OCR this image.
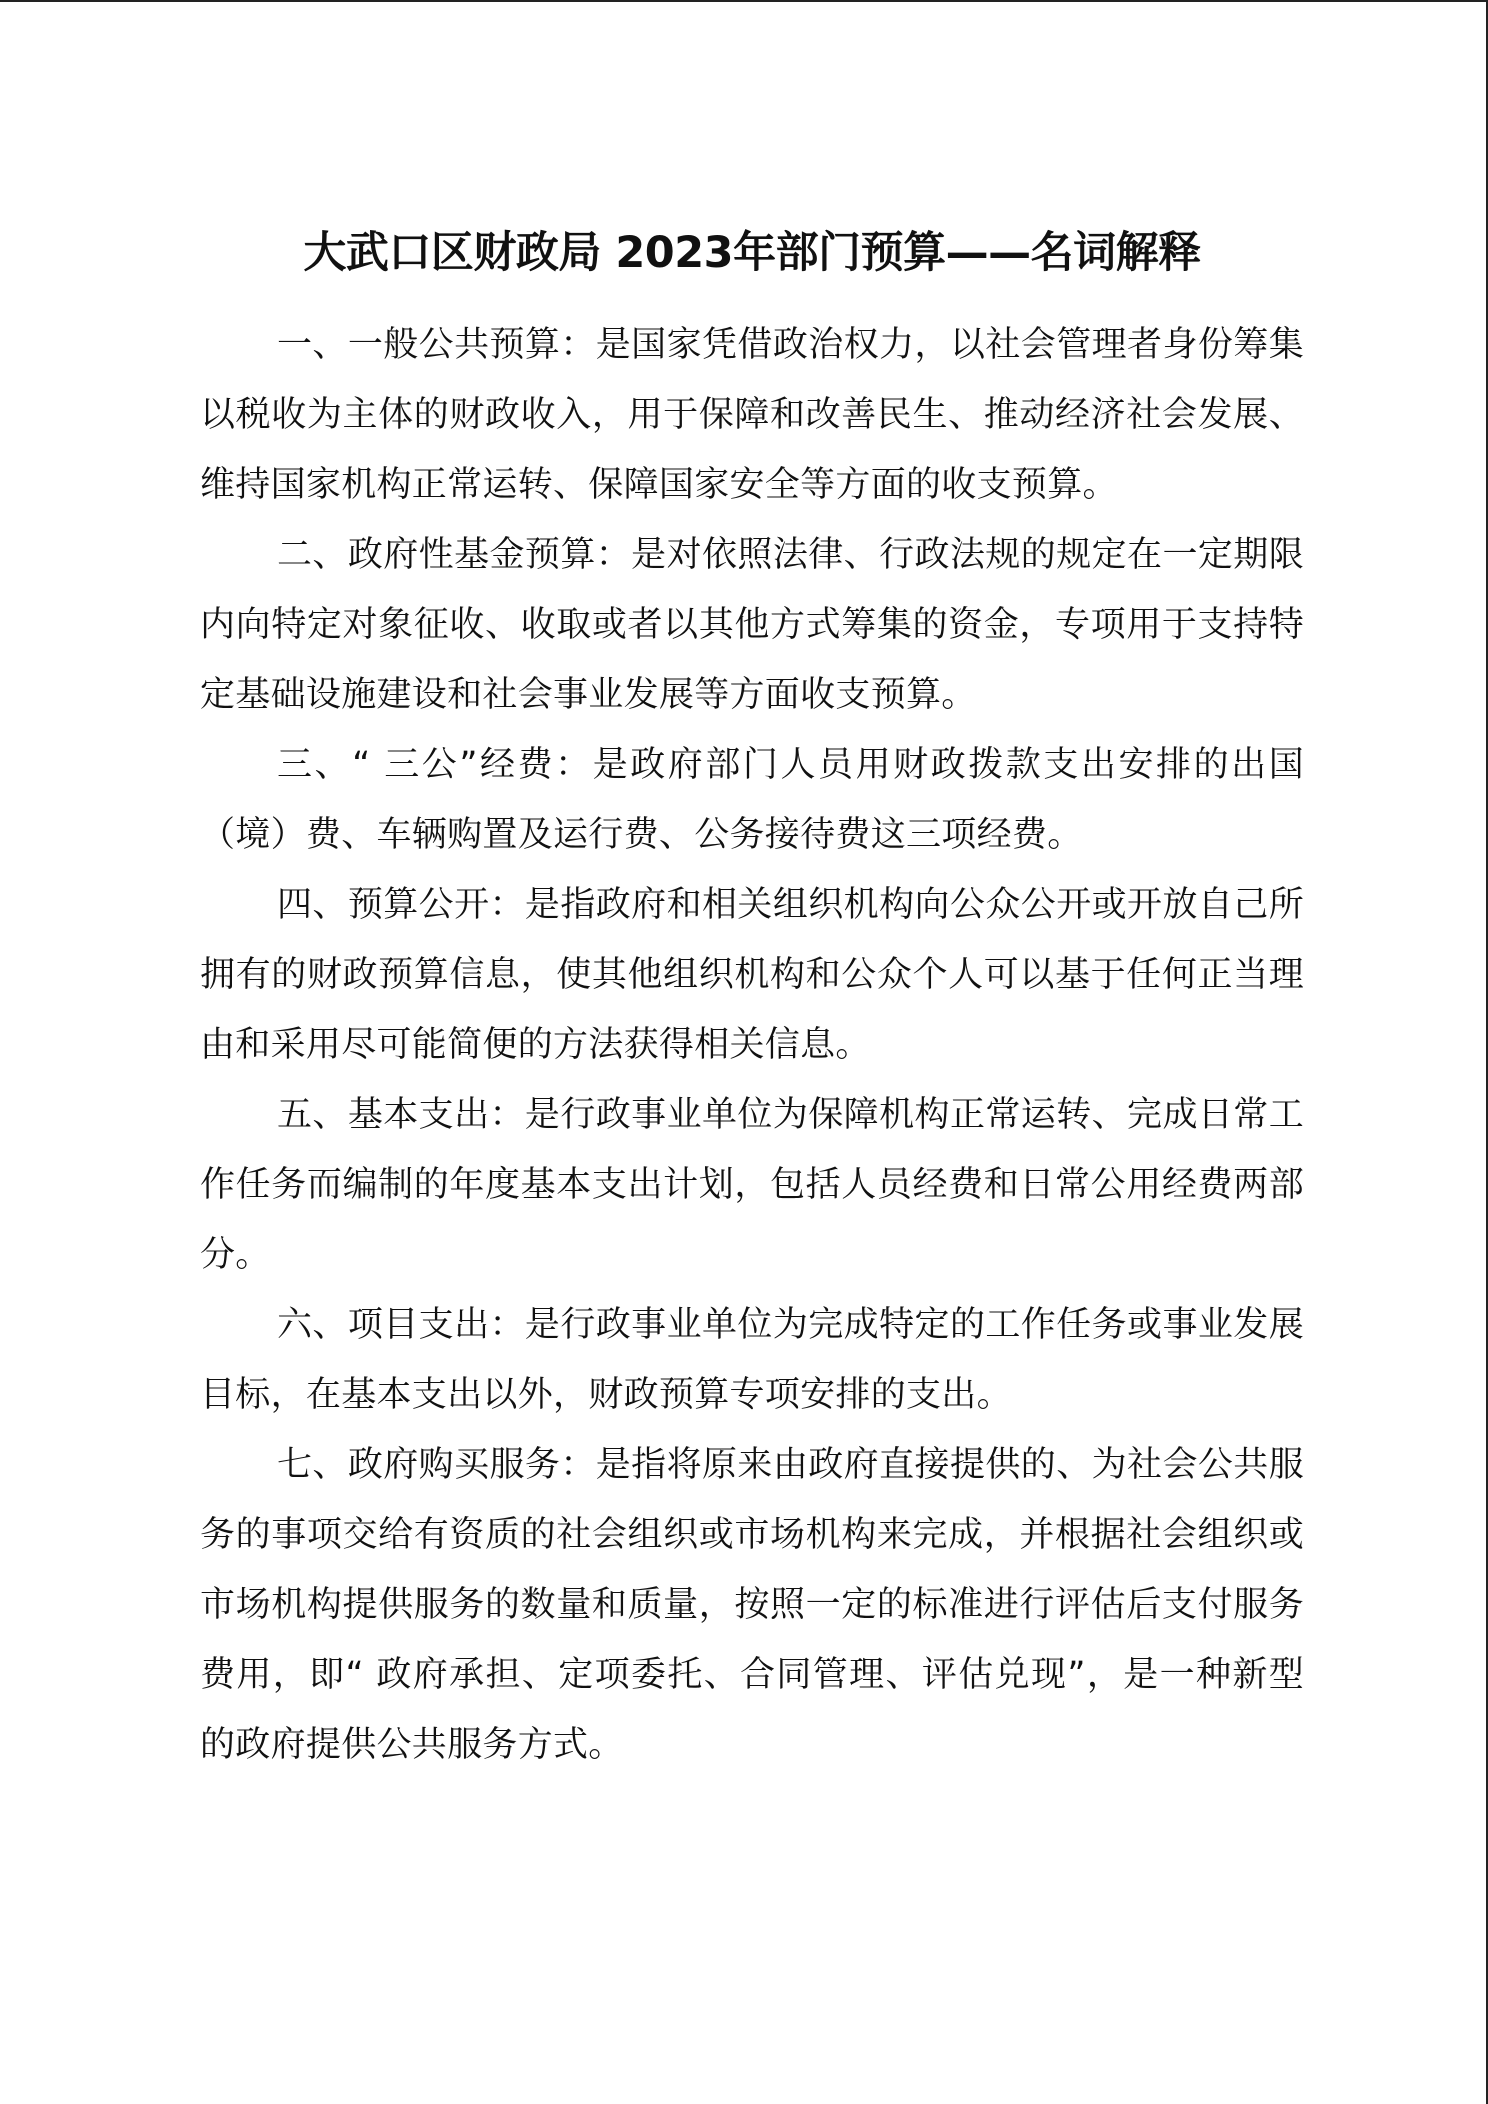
大武口区财政局 2023年部门预算——名词解释

一、一般公共预算：是国家凭借政治权力，以社会管理者身份筹集以税收为主体的财政收入，用于保障和改善民生、推动经济社会发展、维持国家机构正常运转、保障国家安全等方面的收支预算。

二、政府性基金预算：是对依照法律、行政法规的规定在一定期限内向特定对象征收、收取或者以其他方式筹集的资金，专项用于支持特定基础设施建设和社会事业发展等方面收支预算。

三、“ 三公”经费：是政府部门人员用财政拨款支出安排的出国（境）费、车辆购置及运行费、公务接待费这三项经费。

四、预算公开：是指政府和相关组织机构向公众公开或开放自己所拥有的财政预算信息，使其他组织机构和公众个人可以基于任何正当理由和采用尽可能简便的方法获得相关信息。

五、基本支出：是行政事业单位为保障机构正常运转、完成日常工作任务而编制的年度基本支出计划，包括人员经费和日常公用经费两部分。

六、项目支出：是行政事业单位为完成特定的工作任务或事业发展目标，在基本支出以外，财政预算专项安排的支出。

七、政府购买服务：是指将原来由政府直接提供的、为社会公共服务的事项交给有资质的社会组织或市场机构来完成，并根据社会组织或市场机构提供服务的数量和质量，按照一定的标准进行评估后支付服务费用，即“ 政府承担、定项委托、合同管理、评估兑现”，是一种新型的政府提供公共服务方式。
